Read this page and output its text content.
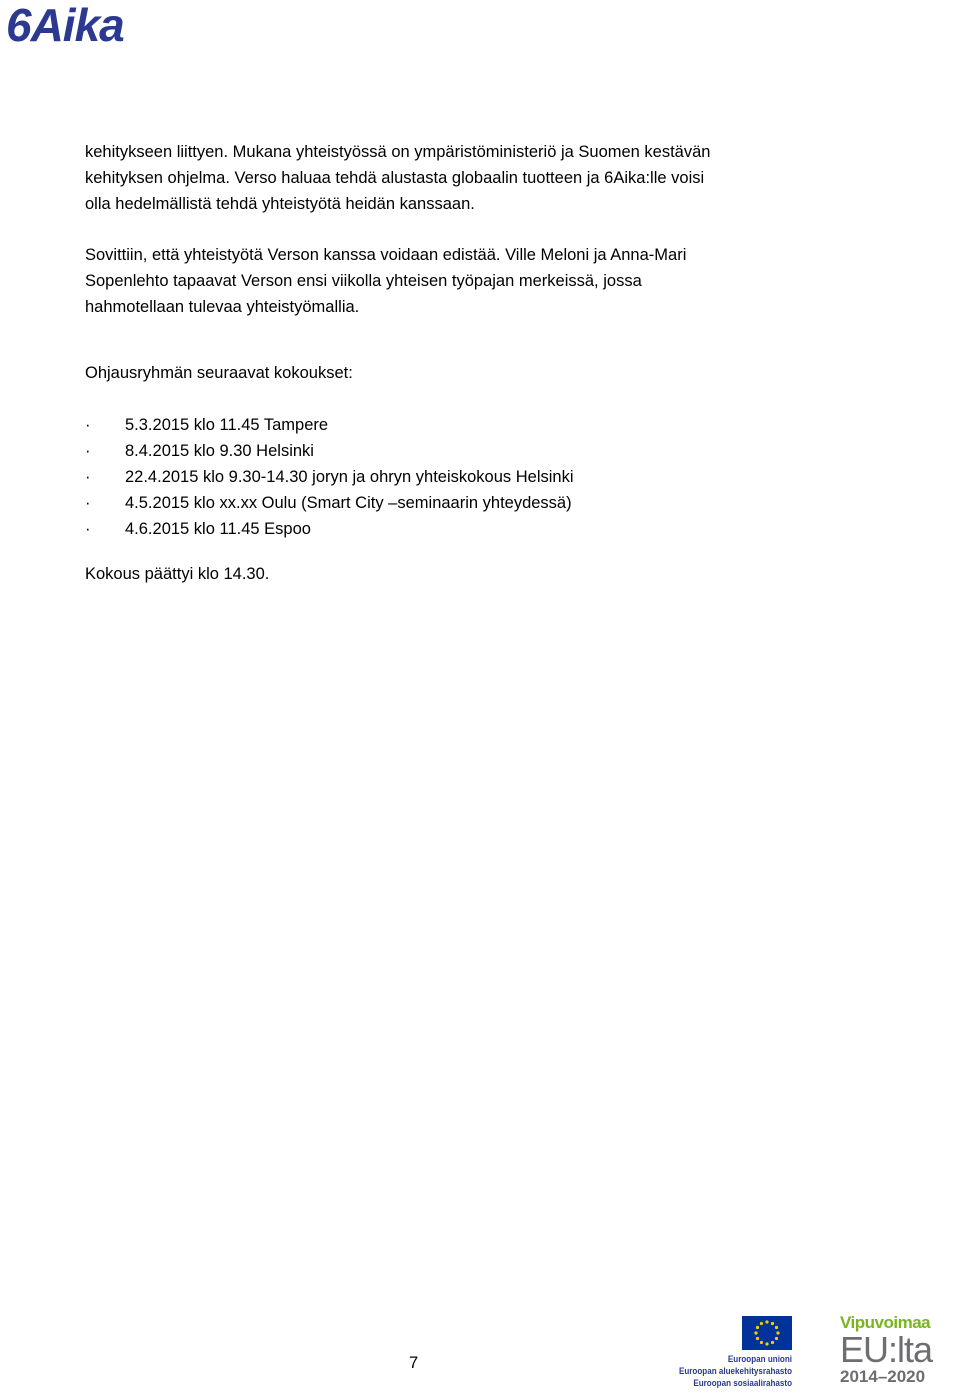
6Aika
kehitykseen liittyen. Mukana yhteistyössä on ympäristöministeriö ja Suomen kestävän
kehityksen ohjelma. Verso haluaa tehdä alustasta globaalin tuotteen ja 6Aika:lle voisi
olla hedelmällistä tehdä yhteistyötä heidän kanssaan.
Sovittiin, että yhteistyötä Verson kanssa voidaan edistää. Ville Meloni ja Anna-Mari
Sopenlehto tapaavat Verson ensi viikolla yhteisen työpajan merkeissä, jossa
hahmotellaan tulevaa yhteistyömallia.
Ohjausryhmän seuraavat kokoukset:
·	5.3.2015 klo 11.45 Tampere
·	8.4.2015 klo 9.30 Helsinki
·	22.4.2015 klo 9.30-14.30 joryn ja ohryn yhteiskokous Helsinki
·	4.5.2015 klo xx.xx Oulu (Smart City –seminaarin yhteydessä)
·	4.6.2015 klo 11.45 Espoo
Kokous päättyi klo 14.30.
7	Euroopan unioni
Euroopan aluekehitysrahasto
Euroopan sosiaalirahasto
Vipuvoimaa
EU:lta
2014–2020
